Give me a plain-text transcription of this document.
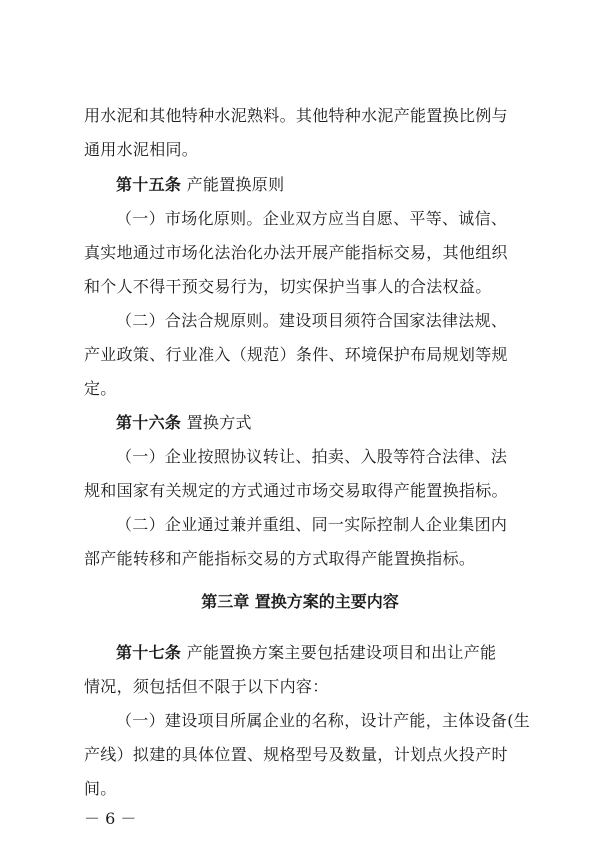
用水泥和其他特种水泥熟料。其他特种水泥产能置换比例与
通用水泥相同。
第十五条 产能置换原则
（一）市场化原则。企业双方应当自愿、平等、诚信、
真实地通过市场化法治化办法开展产能指标交易，其他组织
和个人不得干预交易行为，切实保护当事人的合法权益。
（二）合法合规原则。建设项目须符合国家法律法规、
产业政策、行业准入（规范）条件、环境保护布局规划等规
定。
第十六条 置换方式
（一）企业按照协议转让、拍卖、入股等符合法律、法
规和国家有关规定的方式通过市场交易取得产能置换指标。
（二）企业通过兼并重组、同一实际控制人企业集团内
部产能转移和产能指标交易的方式取得产能置换指标。
第三章 置换方案的主要内容
第十七条 产能置换方案主要包括建设项目和出让产能
情况，须包括但不限于以下内容：
（一）建设项目所属企业的名称，设计产能，主体设备(生
产线）拟建的具体位置、规格型号及数量，计划点火投产时
间。
－ 6 －
